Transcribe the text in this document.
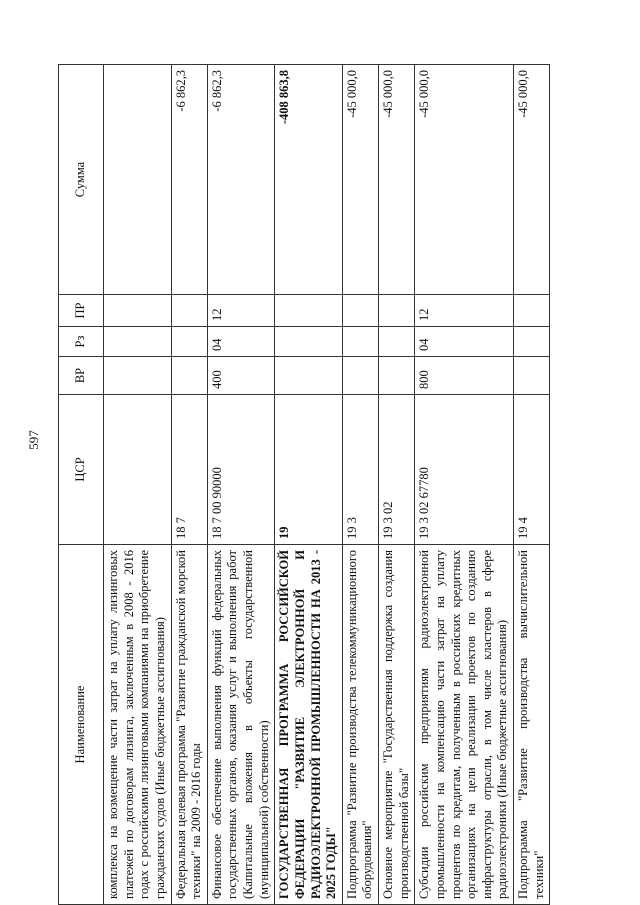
597
Наименование	ЦСР	ВР	Рз	ПР	Сумма
комплекса на возмещение части затрат на уплату лизинговых платежей по договорам лизинга, заключенным в 2008 - 2016 годах с российскими лизинговыми компаниями на приобретение гражданских судов (Иные бюджетные ассигнования)					
Федеральная целевая программа "Развитие гражданской морской техники" на 2009 - 2016 годы	18 7				-6 862,3
Финансовое обеспечение выполнения функций федеральных государственных органов, оказания услуг и выполнения работ (Капитальные вложения в объекты государственной (муниципальной) собственности)	18 7 00 90000	400	04	12	-6 862,3
ГОСУДАРСТВЕННАЯ ПРОГРАММА РОССИЙСКОЙ ФЕДЕРАЦИИ "РАЗВИТИЕ ЭЛЕКТРОННОЙ И РАДИОЭЛЕКТРОННОЙ ПРОМЫШЛЕННОСТИ НА 2013 - 2025 ГОДЫ"	19				-408 863,8
Подпрограмма "Развитие производства телекоммуникационного оборудования"	19 3				-45 000,0
Основное мероприятие "Государственная поддержка создания производственной базы"	19 3 02				-45 000,0
Субсидии российским предприятиям радиоэлектронной промышленности на компенсацию части затрат на уплату процентов по кредитам, полученным в российских кредитных организациях на цели реализации проектов по созданию инфраструктуры отрасли, в том числе кластеров в сфере радиоэлектроники (Иные бюджетные ассигнования)	19 3 02 67780	800	04	12	-45 000,0
Подпрограмма "Развитие производства вычислительной техники"	19 4				-45 000,0
